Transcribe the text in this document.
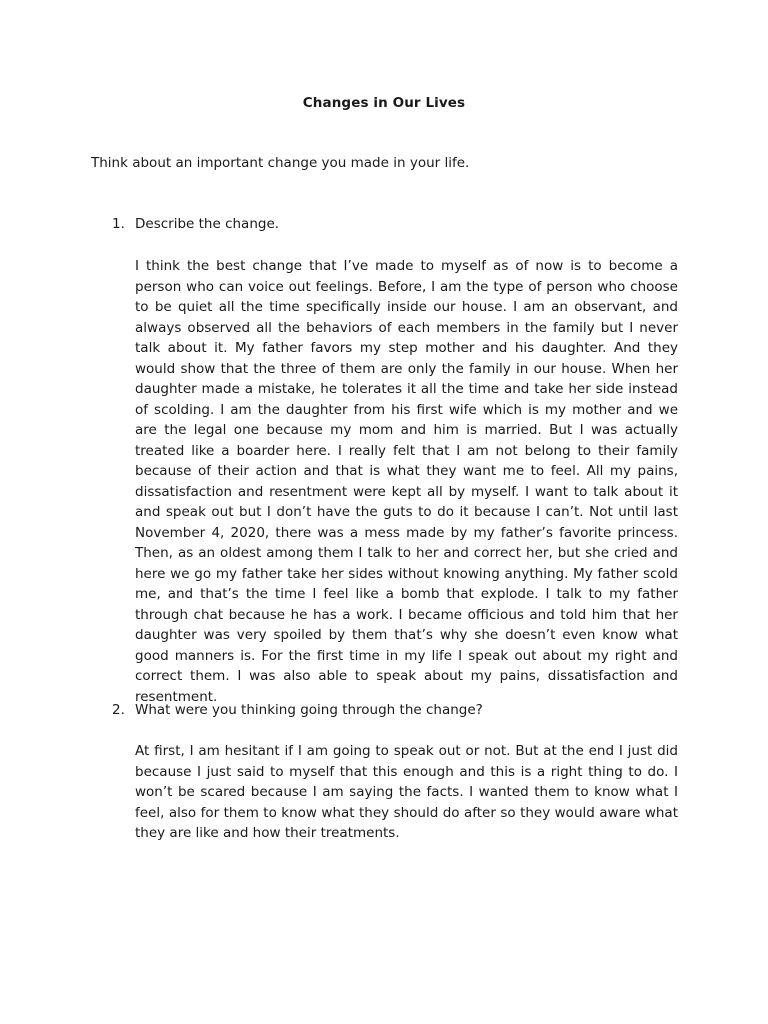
Changes in Our Lives
Think about an important change you made in your life.
1. Describe the change.
I think the best change that I’ve made to myself as of now is to become a person who can voice out feelings. Before, I am the type of person who choose to be quiet all the time specifically inside our house. I am an observant, and always observed all the behaviors of each members in the family but I never talk about it. My father favors my step mother and his daughter. And they would show that the three of them are only the family in our house. When her daughter made a mistake, he tolerates it all the time and take her side instead of scolding. I am the daughter from his first wife which is my mother and we are the legal one because my mom and him is married. But I was actually treated like a boarder here. I really felt that I am not belong to their family because of their action and that is what they want me to feel. All my pains, dissatisfaction and resentment were kept all by myself. I want to talk about it and speak out but I don’t have the guts to do it because I can’t. Not until last November 4, 2020, there was a mess made by my father’s favorite princess. Then, as an oldest among them I talk to her and correct her, but she cried and here we go my father take her sides without knowing anything. My father scold me, and that’s the time I feel like a bomb that explode. I talk to my father through chat because he has a work. I became officious and told him that her daughter was very spoiled by them that’s why she doesn’t even know what good manners is. For the first time in my life I speak out about my right and correct them. I was also able to speak about my pains, dissatisfaction and resentment.
2. What were you thinking going through the change?
At first, I am hesitant if I am going to speak out or not. But at the end I just did because I just said to myself that this enough and this is a right thing to do. I won’t be scared because I am saying the facts. I wanted them to know what I feel, also for them to know what they should do after so they would aware what they are like and how their treatments.
